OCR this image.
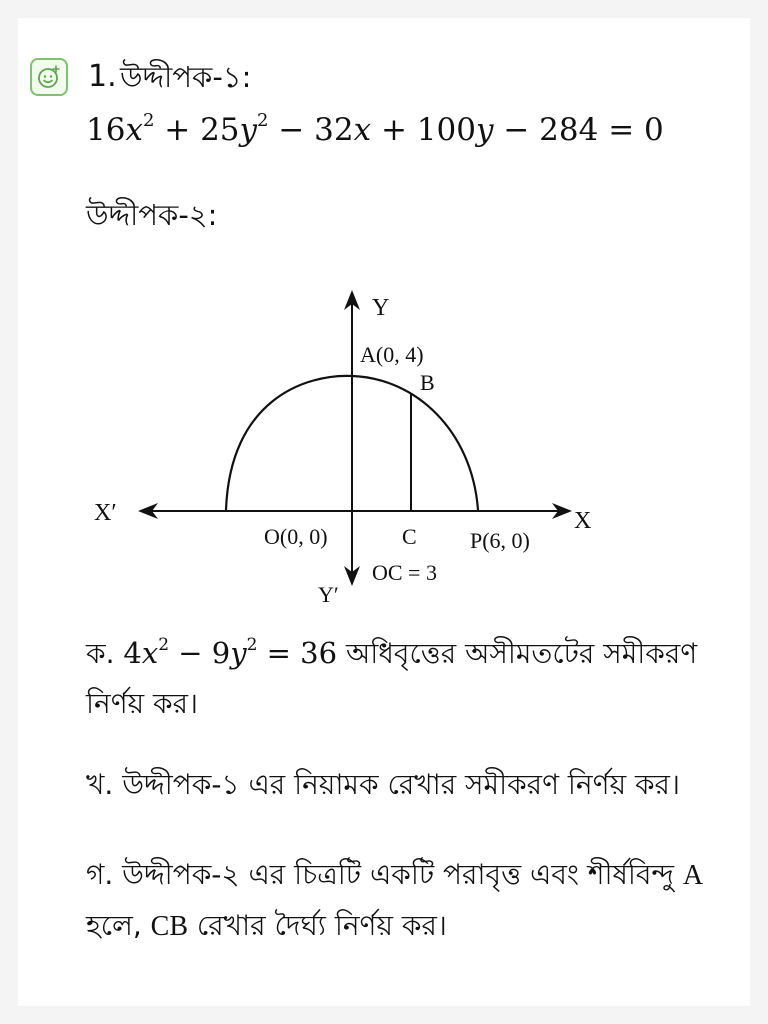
1. উদ্দীপক-১:
$16x^2 + 25y^2 - 32x + 100y - 284 = 0$
উদ্দীপক-২:
Y
A(0, 4)
B
X′	X
O(0, 0)	C P(6, 0)
OC = 3
Y′
ক. $4x^2 - 9y^2 = 36$ অধিবৃত্তের অসীমতটের সমীকরণ
নির্ণয় কর।
খ. উদ্দীপক-১ এর নিয়ামক রেখার সমীকরণ নির্ণয় কর।
গ. উদ্দীপক-২ এর চিত্রটি একটি পরাবৃত্ত এবং শীর্ষবিন্দু A
হলে, CB রেখার দৈর্ঘ্য নির্ণয় কর।
